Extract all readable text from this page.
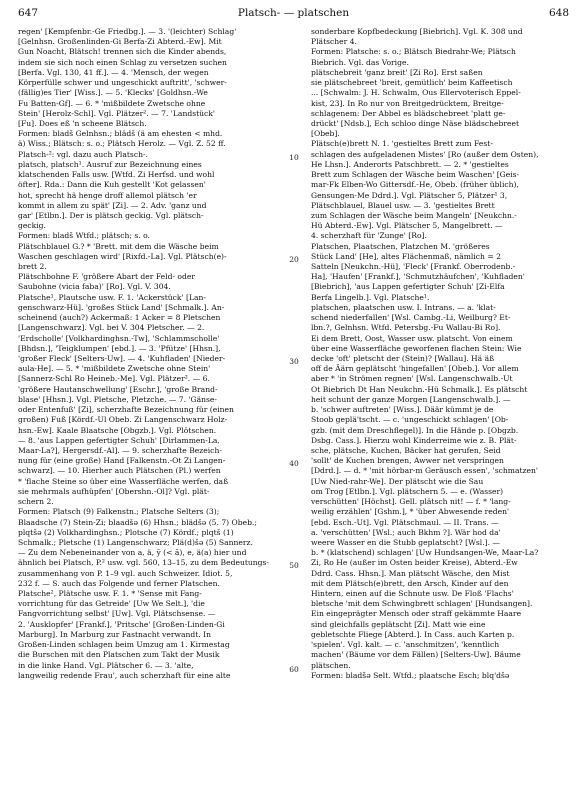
647	Platsch- — platschen	648
regen' [Kempfenbr.-Ge Friedbg.]. — 3. '(leichter) Schlag'
[Gelnhsn. Großenlinden-Gi Berfa-Zi Abterd.-Ew]. Mit
Gun Noacht, Blätsch! trennen sich die Kinder abends,
indem sie sich noch einen Schlag zu versetzen suchen
[Berfa. Vgl. 130, 41 ff.]. — 4. 'Mensch, der wegen
Körperfülle schwer und ungeschickt auftritt', 'schwer-
(fällig)es Tier' [Wiss.]. — 5. 'Klecks' [Goldhsn.-We
Fu Batten-Gf]. — 6. * 'mißbildete Zwetsche ohne
Stein' [Herolz-Schl]. Vgl. Plätzer². — 7. 'Landstück'
[Fu]. Does eß 'n scheene Blätsch.
Formen: bladš Gelnhsn.; blädš (ä am ehesten < mhd.
ä) Wiss.; Blätsch: s. o.; Plätsch Herolz. — Vgl. Z. 52 ff.
Platsch-²: vgl. dazu auch Platsch-.
platsch, platsch¹. Ausruf zur Bezeichnung eines
klatschenden Falls usw. [Wtfd. Zi Herfsd. und wohl
öfter]. Rda.: Dann die Kuh gestellt 'Kot gelassen'
hot, sprecht hä henge droff allemol plätsch 'er
kommt in allem zu spät' [Zi]. — 2. Adv. 'ganz und
gar' [Etlbn.]. Der is plätsch geckig. Vgl. plätsch-
geckig.
Formen: bladš Wtfd.; plätsch; s. o.
Plätschblauel G.? * 'Brett. mit dem die Wäsche beim
Waschen geschlagen wird' [Rixfd.-La]. Vgl. Plätsch(e)-
brett 2.
Plätschbohne F. 'größere Abart der Feld- oder
Saubohne (vicia faba)' [Ro]. Vgl. V. 304.
Platsche¹, Plautsche usw. F. 1. 'Ackerstück' [Lan-
genschwarz-Hü]. 'großes Stück Land' [Schmalk.]. An-
scheinend (auch?) Ackermaß: 1 Acker = 8 Pletschen
[Langenschwarz]. Vgl. bei V. 304 Pletscher. — 2.
'Erdscholle' [Volkhardinghsn.-Tw], 'Schlammscholle'
[Bhdsn.], 'Teigklumpen' [ebd.]. — 3. 'Pfütze' [Hhsn.],
'großer Fleck' [Selters-Uw]. — 4. 'Kuhfladen' [Nieder-
aula-He]. — 5. * 'mißbildete Zwetsche ohne Stein'
[Sannerz-Schl Ro Heineb.-Me]. Vgl. Plätzer². — 6.
'größere Hautanschwellung' [Eschr.], 'große Brand-
blase' [Hhsn.]. Vgl. Pletsche, Pletzche. — 7. 'Gänse-
oder Entenfuß' [Zi], scherzhafte Bezeichnung für (einen
großen) Fuß [Kördf.-Ul Obeb. Zi Langenschwarz Holz-
hsn.-Ew]. Kaale Blaatsche [Obgzb.]. Vgl. Plötschen.
— 8. 'aus Lappen gefertigter Schuh' [Dirlammen-La,
Maar-La?], Hergersdf.-Al]. — 9. scherzhafte Bezeich-
nung für (eine große) Hand [Falkenstn.-Ot Zi Langen-
schwarz]. — 10. Hierher auch Plätschen (Pl.) werfen
* 'flache Steine so über eine Wasserfläche werfen, daß
sie mehrmals aufhüpfen' [Obershn.-Ol]? Vgl. plät-
schern 2.
Formen: Platsch (9) Falkenstn.; Platsche Selters (3);
Blaadsche (7) Stein-Zi; blaadšə (6) Hhsn.; blädšə (5. 7) Obeb.;
plqtšə (2) Volkhardinghsn.; Plotsche (7) Kördf.; plqtš (1)
Schmalk.; Pletsche (1) Langenschwarz; Plä(d)šə (5) Sannerz.
— Zu dem Nebeneinander von a, ä, ȳ (< ā), e, ä(a) hier und
ähnlich bei Platsch, P.² usw. vgl. 560, 13–15, zu dem Bedeutungs-
zusammenhang von P. 1–9 vgl. auch Schweizer. Idiot. 5,
232 f. — S. auch das Folgende und ferner Platschen.
Platsche², Plätsche usw. F. 1. * 'Sense mit Fang-
vorrichtung für das Getreide' [Uw We Selt.], 'die
Fangvorrichtung selbst' [Uw]. Vgl. Plätschsense. —
2. 'Ausklopfer' [Frankf.], 'Pritsche' [Großen-Linden-Gi
Marburg]. In Marburg zur Fastnacht verwandt. In
Großen-Linden schlagen beim Umzug am 1. Kirmestag
die Burschen mit den Platschen zum Takt der Musik
in die linke Hand. Vgl. Plätscher 6. — 3. 'alte,
langweilig redende Frau', auch scherzhaft für eine alte
sonderbare Kopfbedeckung [Biebrich]. Vgl. K. 308 und
Plätscher 4.
Formen: Platsche: s. o.; Blätsch Biedrahr-We; Plätsch
Biebrich. Vgl. das Vorige.
plätschebreit 'ganz breit' [Zi Ro]. Erst saßen
sie plätschebreet 'breit, gemütlich' beim Kaffeetisch
... [Schwalm: J. H. Schwalm, Ous Ellervoterisch Eppel-
kist, 23]. In Ro nur von Breitgedrücktem, Breitge-
schlagenem: Der Abbel es blädschebreet 'platt ge-
drückt' [Ndsb.], Ech schloo dinge Näse blädschebreet
[Obeb].
Plätsch(e)brett N. 1. 'gestieltes Brett zum Fest-
schlagen des aufgeladenen Mistes' [Ro (außer dem Osten),
He Lhsn.]. Anderorts Patschbrett. — 2. * 'gestieltes
Brett zum Schlagen der Wäsche beim Waschen' [Geis-
mar-Fk Elben-Wo Gittersdf.-He, Obeb. (früher üblich),
Gensungen-Me Ddrd.]. Vgl. Plätscher 5, Plätzer¹ 3,
Plätschblauel, Blauel usw. — 3. 'gestieltes Brett
zum Schlagen der Wäsche beim Mangeln' [Neukchn.-
Hü Abterd.-Ew]. Vgl. Plätscher 5, Mangelbrett. —
4. scherzhaft für 'Zunge' [Ro].
Platschen, Plaatschen, Platzchen M. 'größeres
Stück Land' [He], altes Flächenmaß, nämlich = 2
Satteln [Neukchn.-Hü], 'Fleck' [Frankf. Oberrodenb.-
Ha], 'Haufen' [Frankf.], 'Schmutzhäufchen', 'Kuhfladen'
[Biebrich], 'aus Lappen gefertigter Schuh' [Zi-Elfa
Berfa Lingelb.]. Vgl. Platsche¹.
platschen, plaatschen usw. I. Intrans. — a. 'klat-
schend niederfallen' [Wsl. Cambg.-Li, Weilburg? Et-
lbn.?, Gelnhsn. Wtfd. Petersbg.-Fu Wallau-Bi Ro].
Ei dem Brett, Oost, Wasser usw. platscht. Von einem
über eine Wasserfläche geworfenen flachen Stein: Wie
decke 'oft' pletscht der (Stein)? [Wallau]. Hä äß
off de Äärn geplätscht 'hingefallen' [Obeb.]. Vor allem
aber * 'in Strömen regnen' [Wsl. Langenschwalb.-Ut
Ot Biebrich Dt Han Neukchn.-Hü Schmalk.]. Es plätscht
heit schunt der ganze Morgen [Langenschwalb.]. —
b. 'schwer auftreten' [Wiss.]. Däär kümmt je de
Stoob geplä'tscht. — c. 'ungeschickt schlagen' [Ob-
gzb. (mit dem Dreschflegel)]. In die Hände p. [Obgzb.
Dsbg. Cass.]. Hierzu wohl Kinderreime wie z. B. Plät-
sche, plätsche, Kuchen, Bäcker hat gerufen, Seid
'sollt' de Kuchen brengen, Awwer net verspringen
[Ddrd.]. — d. * 'mit hörbar-m Geräusch essen', 'schmatzen'
[Uw Nied-rahr-We]. Der plätscht wie die Sau
om Trog [Etlbn.]. Vgl. plätschern 5. — e. (Wasser)
verschütten' [Höchst]. Gell. plätsch nit! — f. * 'lang-
weilig erzählen' [Gshm.], * 'über Abwesende reden'
[ebd. Esch.-Ut]. Vgl. Plätschmaul. — II. Trans. —
a. 'verschütten' [Wsl.; auch Bkhm ?]. Wär hod da'
weere Wasser en die Stubb geplatscht? [Wsl.]. —
b. * (klatschend) schlagen' [Uw Hundsangen-We, Maar-La?
Zi, Ro He (außer im Osten beider Kreise), Abterd.-Ew
Ddrd. Cass. Hhsn.]. Man plätscht Wäsche, den Mist
mit dem Plätsch(e)brett, den Arsch, Kinder auf den
Hintern, einen auf die Schnute usw. De Floß 'Flachs'
bletsche 'mit dem Schwingbrett schlagen' [Hundsangen].
Ein eingeprägter Mensch oder straff gekämmte Haare
sind gleichfalls geplätscht [Zi]. Matt wie eine
gebletschte Fliege [Abterd.]. In Cass. auch Karten p.
'spielen'. Vgl. kalt. — c. 'anschmitzen', 'kenntlich
machen' (Bäume vor dem Fällen) [Selters-Uw]. Bäume
plätschen.
Formen: bladšə Selt. Wtfd.; plaatsche Esch; blq'dšə
10
20
30
40
50
60
